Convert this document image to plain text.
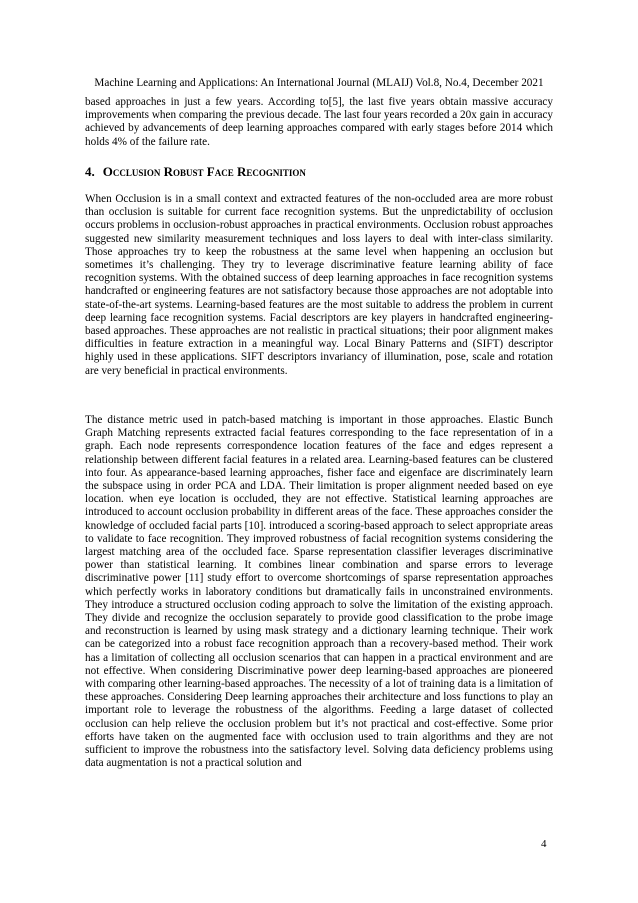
Machine Learning and Applications: An International Journal (MLAIJ) Vol.8, No.4, December 2021

based approaches in just a few years. According to[5], the last five years obtain massive accuracy improvements when comparing the previous decade. The last four years recorded a 20x gain in accuracy achieved by advancements of deep learning approaches compared with early stages before 2014 which holds 4% of the failure rate.

4. Occlusion Robust Face Recognition

When Occlusion is in a small context and extracted features of the non-occluded area are more robust than occlusion is suitable for current face recognition systems. But the unpredictability of occlusion occurs problems in occlusion-robust approaches in practical environments. Occlusion robust approaches suggested new similarity measurement techniques and loss layers to deal with inter-class similarity. Those approaches try to keep the robustness at the same level when happening an occlusion but sometimes it’s challenging. They try to leverage discriminative feature learning ability of face recognition systems. With the obtained success of deep learning approaches in face recognition systems handcrafted or engineering features are not satisfactory because those approaches are not adoptable into state-of-the-art systems. Learning-based features are the most suitable to address the problem in current deep learning face recognition systems. Facial descriptors are key players in handcrafted engineering-based approaches. These approaches are not realistic in practical situations; their poor alignment makes difficulties in feature extraction in a meaningful way. Local Binary Patterns and (SIFT) descriptor highly used in these applications. SIFT descriptors invariancy of illumination, pose, scale and rotation are very beneficial in practical environments.

The distance metric used in patch-based matching is important in those approaches. Elastic Bunch Graph Matching represents extracted facial features corresponding to the face representation of in a graph. Each node represents correspondence location features of the face and edges represent a relationship between different facial features in a related area. Learning-based features can be clustered into four. As appearance-based learning approaches, fisher face and eigenface are discriminately learn the subspace using in order PCA and LDA. Their limitation is proper alignment needed based on eye location. when eye location is occluded, they are not effective. Statistical learning approaches are introduced to account occlusion probability in different areas of the face. These approaches consider the knowledge of occluded facial parts [10]. introduced a scoring-based approach to select appropriate areas to validate to face recognition. They improved robustness of facial recognition systems considering the largest matching area of the occluded face. Sparse representation classifier leverages discriminative power than statistical learning. It combines linear combination and sparse errors to leverage discriminative power [11] study effort to overcome shortcomings of sparse representation approaches which perfectly works in laboratory conditions but dramatically fails in unconstrained environments. They introduce a structured occlusion coding approach to solve the limitation of the existing approach. They divide and recognize the occlusion separately to provide good classification to the probe image and reconstruction is learned by using mask strategy and a dictionary learning technique. Their work can be categorized into a robust face recognition approach than a recovery-based method. Their work has a limitation of collecting all occlusion scenarios that can happen in a practical environment and are not effective. When considering Discriminative power deep learning-based approaches are pioneered with comparing other learning-based approaches. The necessity of a lot of training data is a limitation of these approaches. Considering Deep learning approaches their architecture and loss functions to play an important role to leverage the robustness of the algorithms. Feeding a large dataset of collected occlusion can help relieve the occlusion problem but it’s not practical and cost-effective. Some prior efforts have taken on the augmented face with occlusion used to train algorithms and they are not sufficient to improve the robustness into the satisfactory level. Solving data deficiency problems using data augmentation is not a practical solution and

4
